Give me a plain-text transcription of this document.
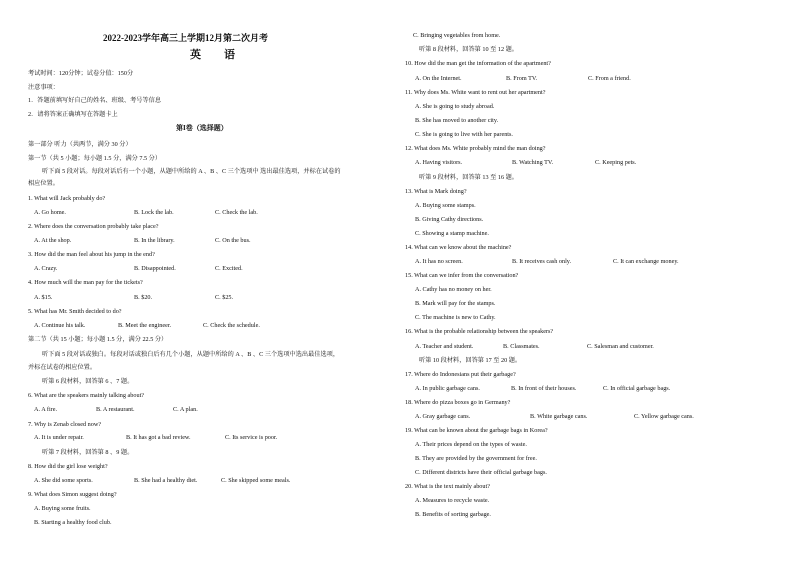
2022-2023学年高三上学期12月第二次月考
英　语
考试时间：120分钟；试卷分值：150分
注意事项：
1．答题前填写好自己的姓名、班级、考号等信息
2．请将答案正确填写在答题卡上
第I卷（选择题）
第一部分 听力（共两节，满分 30 分）
第一节（共 5 小题；每小题 1.5 分，满分 7.5 分）
听下面 5 段对话。每段对话后有一个小题，从题中所给的 A 、B 、C 三个选项中 选出最佳选项，并标在试卷的
相应位置。
1. What will Jack probably do?
A. Go home.	B. Lock the lab.	C. Check the lab.
2. Where does the conversation probably take place?
A. At the shop.	B. In the library.	C. On the bus.
3. How did the man feel about his jump in the end?
A. Crazy.	B. Disappointed.	C. Excited.
4. How much will the man pay for the tickets?
A. $15.	B. $20.	C. $25.
5. What has Mr. Smith decided to do?
A. Continue his talk.	B. Meet the engineer.	C. Check the schedule.
第二节（共 15 小题；每小题 1.5 分，满分 22.5 分）
听下面 5 段对话或独白。每段对话或独白后有几个小题，从题中所给的 A 、B 、C 三个选项中选出最佳选项，
并标在试卷的相应位置。
听第 6 段材料，回答第 6 、7 题。
6. What are the speakers mainly talking about?
A. A fire.	B. A restaurant.	C. A plan.
7. Why is Zenab closed now?
A. It is under repair.	B. It has got a bad review.	C. Its service is poor.
听第 7 段材料，回答第 8 、9 题。
8. How did the girl lose weight?
A. She did some sports.	B. She had a healthy diet.	C. She skipped some meals.
9. What does Simon suggest doing?
A. Buying some fruits.
B. Starting a healthy food club.
C. Bringing vegetables from home.
听第 8 段材料，回答第 10 至 12 题。
10. How did the man get the information of the apartment?
A. On the Internet.	B. From TV.	C. From a friend.
11. Why does Ms. White want to rent out her apartment?
A. She is going to study abroad.
B. She has moved to another city.
C. She is going to live with her parents.
12. What does Ms. White probably mind the man doing?
A. Having visitors.	B. Watching TV.	C. Keeping pets.
听第 9 段材料，回答第 13 至 16 题。
13. What is Mark doing?
A. Buying some stamps.
B. Giving Cathy directions.
C. Showing a stamp machine.
14. What can we know about the machine?
A. It has no screen.	B. It receives cash only.	C. It can exchange money.
15. What can we infer from the conversation?
A. Cathy has no money on her.
B. Mark will pay for the stamps.
C. The machine is new to Cathy.
16. What is the probable relationship between the speakers?
A. Teacher and student.	B. Classmates.	C. Salesman and customer.
听第 10 段材料，回答第 17 至 20 题。
17. Where do Indonesians put their garbage?
A. In public garbage cans.	B. In front of their houses.	C. In official garbage bags.
18. Where do pizza boxes go in Germany?
A. Gray garbage cans.	B. White garbage cans.	C. Yellow garbage cans.
19. What can be known about the garbage bags in Korea?
A. Their prices depend on the types of waste.
B. They are provided by the government for free.
C. Different districts have their official garbage bags.
20. What is the text mainly about?
A. Measures to recycle waste.
B. Benefits of sorting garbage.
